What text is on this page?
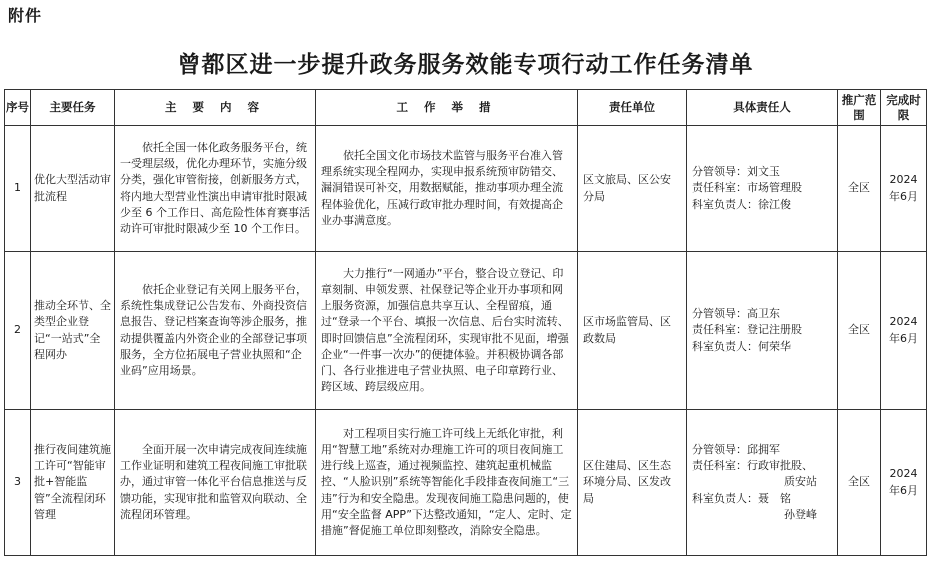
附件
曾都区进一步提升政务服务效能专项行动工作任务清单
序号	主要任务	主 要 内 容	工 作 举 措	责任单位	具体责任人	推广范围	完成时限
1	优化大型活动审批流程	依托全国一体化政务服务平台，统一受理层级，优化办理环节，实施分级分类，强化审管衔接，创新服务方式，将内地大型营业性演出申请审批时限减少至 6 个工作日、高危险性体育赛事活动许可审批时限减少至 10 个工作日。	依托全国文化市场技术监管与服务平台准入管理系统实现全程网办，实现申报系统预审防错交、漏洞错误可补交，用数据赋能，推动事项办理全流程体验优化，压减行政审批办理时间，有效提高企业办事满意度。	区文旅局、区公安分局	分管领导：刘文玉
责任科室：市场管理股
科室负责人：徐江俊	全区	2024年6月
2	推动全环节、全类型企业登记“一站式”全程网办	依托企业登记有关网上服务平台，系统性集成登记公告发布、外商投资信息报告、登记档案查询等涉企服务，推动提供覆盖内外资企业的全部登记事项服务，全方位拓展电子营业执照和“企业码”应用场景。	大力推行“一网通办”平台，整合设立登记、印章刻制、申领发票、社保登记等企业开办事项和网上服务资源，加强信息共享互认、全程留痕，通过“登录一个平台、填报一次信息、后台实时流转、即时回馈信息”全流程闭环，实现审批不见面，增强企业“一件事一次办”的便捷体验。并积极协调各部门、各行业推进电子营业执照、电子印章跨行业、跨区域、跨层级应用。	区市场监管局、区政数局	分管领导：高卫东
责任科室：登记注册股
科室负责人：何荣华	全区	2024年6月
3	推行夜间建筑施工许可“智能审批+智能监管”全流程闭环管理	全面开展一次申请完成夜间连续施工作业证明和建筑工程夜间施工审批联办，通过审管一体化平台信息推送与反馈功能，实现审批和监管双向联动、全流程闭环管理。	对工程项目实行施工许可线上无纸化审批，利用“智慧工地”系统对办理施工许可的项目夜间施工进行线上巡查，通过视频监控、建筑起重机械监控、“人脸识别”系统等智能化手段排查夜间施工“三违”行为和安全隐患。发现夜间施工隐患问题的，使用“安全监督 APP”下达整改通知，“定人、定时、定措施”督促施工单位即刻整改，消除安全隐患。	区住建局、区生态环境分局、区发改局	分管领导：邱拥军
责任科室：行政审批股、
质安站
科室负责人：聂　铭
孙登峰	全区	2024年6月
